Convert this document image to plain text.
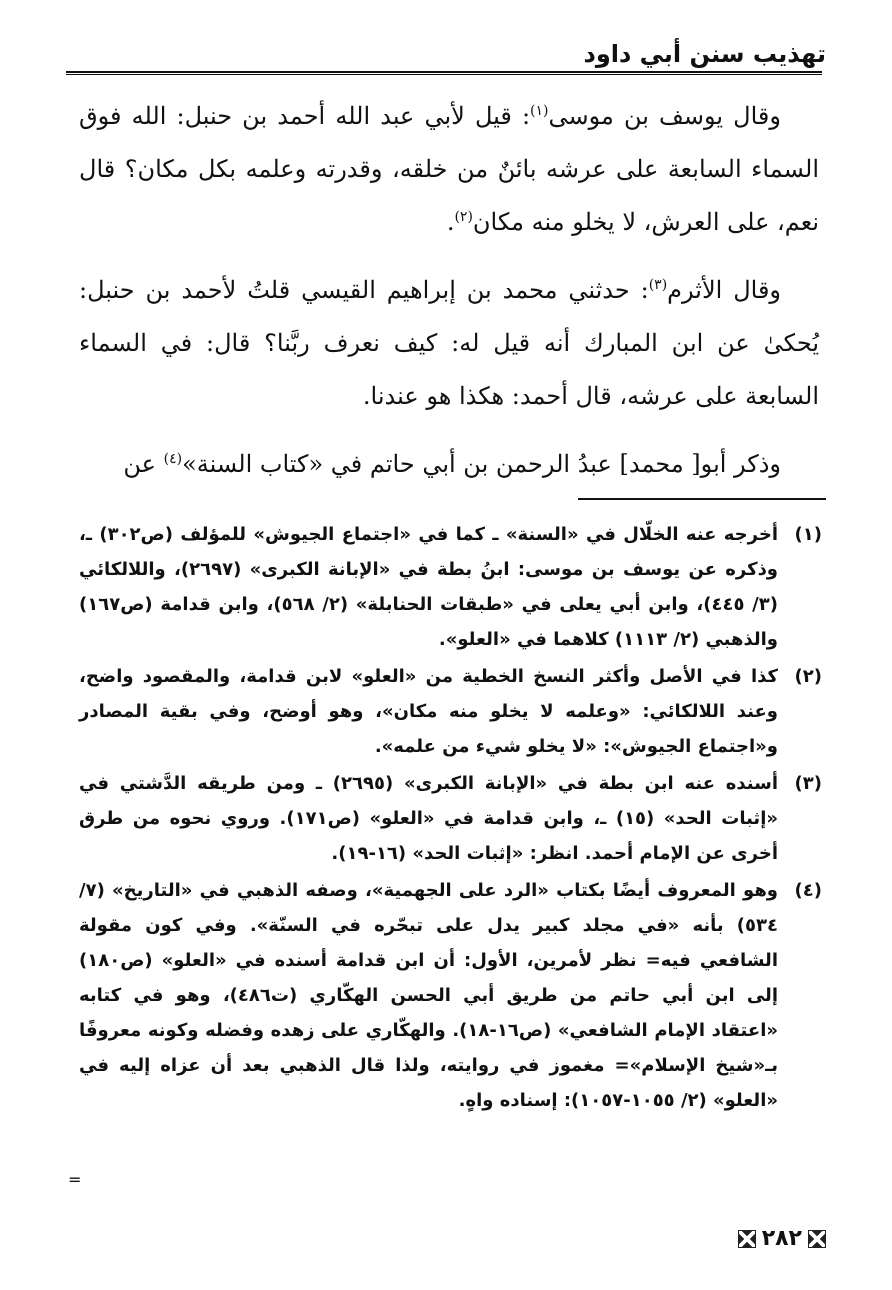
تهذيب سنن أبي داود

وقال يوسف بن موسى$^{(١)}$: قيل لأبي عبد الله أحمد بن حنبل: الله فوق السماء السابعة على عرشه بائنٌ من خلقه، وقدرته وعلمه بكل مكان؟ قال نعم، على العرش، لا يخلو منه مكان$^{(٢)}$.

وقال الأثرم$^{(٣)}$: حدثني محمد بن إبراهيم القيسي قلتُ لأحمد بن حنبل: يُحكىٰ عن ابن المبارك أنه قيل له: كيف نعرف ربَّنا؟ قال: في السماء السابعة على عرشه، قال أحمد: هكذا هو عندنا.

وذكر أبو[ محمد] عبدُ الرحمن بن أبي حاتم في «كتاب السنة»$^{(٤)}$ عن

(١)
أخرجه عنه الخلّال في «السنة» ـ كما في «اجتماع الجيوش» للمؤلف (ص٣٠٢) ـ، وذكره عن يوسف بن موسى: ابنُ بطة في «الإبانة الكبرى» (٢٦٩٧)، واللالكائي (٣/ ٤٤٥)، وابن أبي يعلى في «طبقات الحنابلة» (٢/ ٥٦٨)، وابن قدامة (ص١٦٧) والذهبي (٢/ ١١١٣) كلاهما في «العلو».
(٢)
كذا في الأصل وأكثر النسخ الخطية من «العلو» لابن قدامة، والمقصود واضح، وعند اللالكائي: «وعلمه لا يخلو منه مكان»، وهو أوضح، وفي بقية المصادر و«اجتماع الجيوش»: «لا يخلو شيء من علمه».
(٣)
أسنده عنه ابن بطة في «الإبانة الكبرى» (٢٦٩٥) ـ ومن طريقه الدَّشتي في «إثبات الحد» (١٥) ـ، وابن قدامة في «العلو» (ص١٧١). وروي نحوه من طرق أخرى عن الإمام أحمد. انظر: «إثبات الحد» (١٦-١٩).
(٤)
وهو المعروف أيضًا بكتاب «الرد على الجهمية»، وصفه الذهبي في «التاريخ» (٧/ ٥٣٤) بأنه «في مجلد كبير يدل على تبحّره في السنّة». وفي كون مقولة الشافعي فيه= نظر لأمرين، الأول: أن ابن قدامة أسنده في «العلو» (ص١٨٠) إلى ابن أبي حاتم من طريق أبي الحسن الهكّاري (ت٤٨٦)، وهو في كتابه «اعتقاد الإمام الشافعي» (ص١٦-١٨). والهكّاري على زهده وفضله وكونه معروفًا بـ«شيخ الإسلام»= مغموز في روايته، ولذا قال الذهبي بعد أن عزاه إليه في «العلو» (٢/ ١٠٥٥-١٠٥٧): إسناده واهٍ.
=
٢٨٢
